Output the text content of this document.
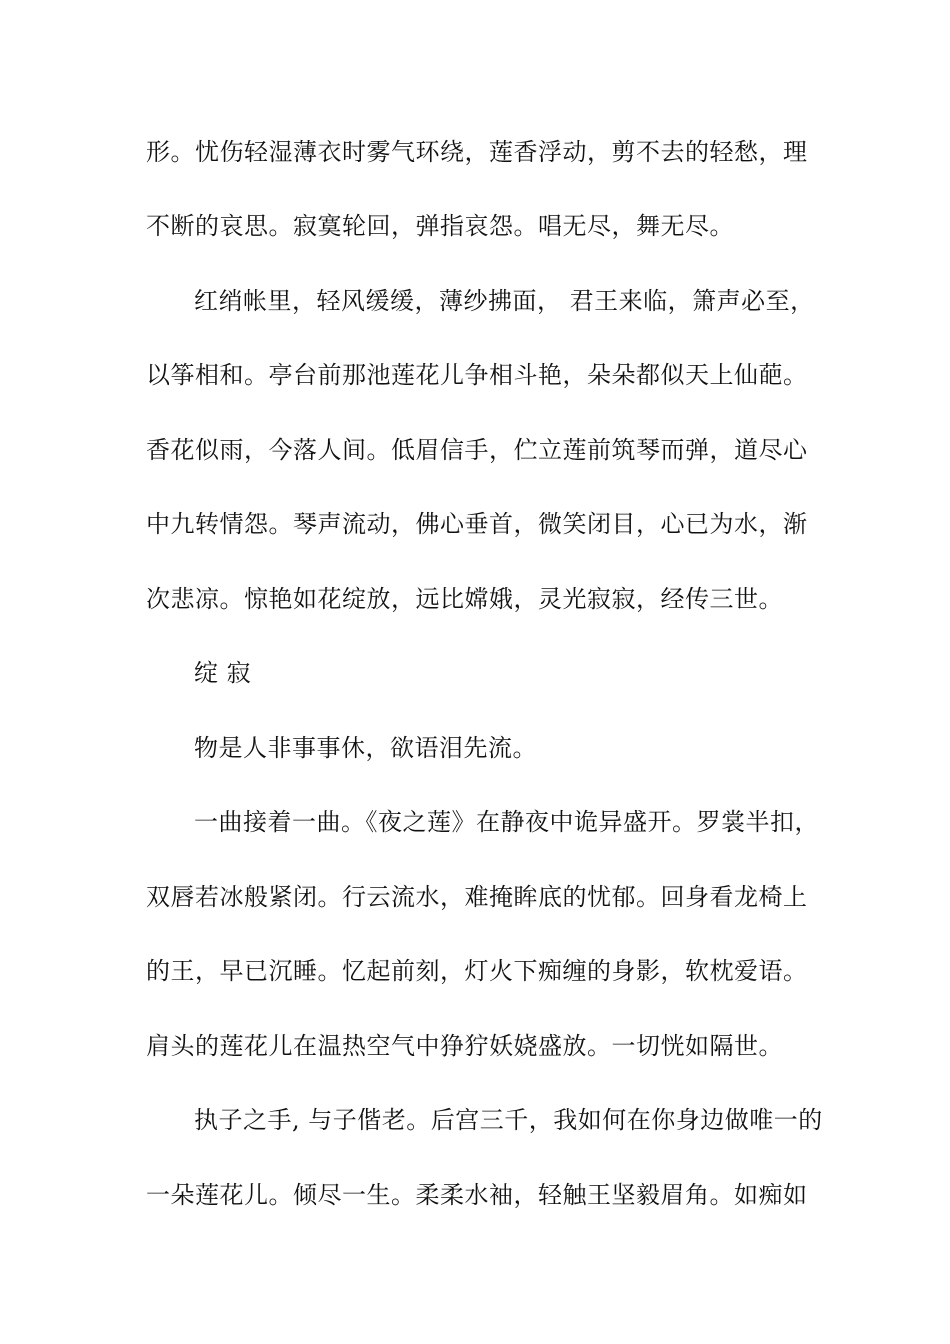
形。忧伤轻湿薄衣时雾气环绕，莲香浮动，剪不去的轻愁，理
不断的哀思。寂寞轮回，弹指哀怨。唱无尽，舞无尽。
红绡帐里，轻风缓缓，薄纱拂面， 君王来临，箫声必至，
以筝相和。亭台前那池莲花儿争相斗艳，朵朵都似天上仙葩。
香花似雨，今落人间。低眉信手，伫立莲前筑琴而弹，道尽心
中九转情怨。琴声流动，佛心垂首，微笑闭目，心已为水，渐
次悲凉。惊艳如花绽放，远比嫦娥，灵光寂寂，经传三世。
绽 寂
物是人非事事休，欲语泪先流。
一曲接着一曲。《夜之莲》在静夜中诡异盛开。罗裳半扣，
双唇若冰般紧闭。行云流水，难掩眸底的忧郁。回身看龙椅上
的王，早已沉睡。忆起前刻，灯火下痴缠的身影，软枕爱语。
肩头的莲花儿在温热空气中狰狞妖娆盛放。一切恍如隔世。
执子之手, 与子偕老。后宫三千，我如何在你身边做唯一的
一朵莲花儿。倾尽一生。柔柔水袖，轻触王坚毅眉角。如痴如
